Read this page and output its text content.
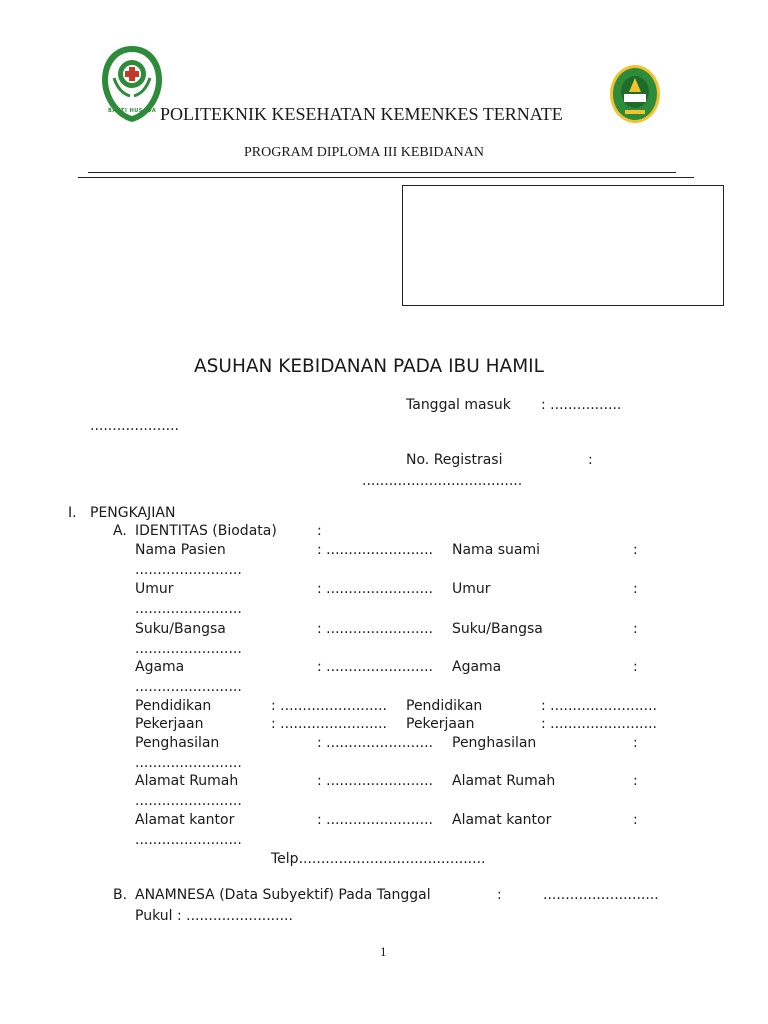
BAKTI HUSADA POLITEKNIK KESEHATAN KEMENKES TERNATE
PROGRAM DIPLOMA III KEBIDANAN
ASUHAN KEBIDANAN PADA IBU HAMIL
Tanggal masuk : ................
....................
No. Registrasi	:
....................................
I. PENGKAJIAN
A. IDENTITAS (Biodata)	:
Nama Pasien	: ........................ Nama suami	:
........................
Umur	: ........................ Umur	:
........................
Suku/Bangsa	: ........................ Suku/Bangsa	:
........................
Agama	: ........................ Agama	:
........................
Pendidikan	: ........................ Pendidikan	: ........................
Pekerjaan	: ........................ Pekerjaan	: ........................
Penghasilan	: ........................ Penghasilan	:
........................
Alamat Rumah	: ........................ Alamat Rumah	:
........................
Alamat kantor	: ........................ Alamat kantor	:
........................
Telp..........................................
B. ANAMNESA (Data Subyektif) Pada Tanggal	:	..........................
Pukul : ........................
1
